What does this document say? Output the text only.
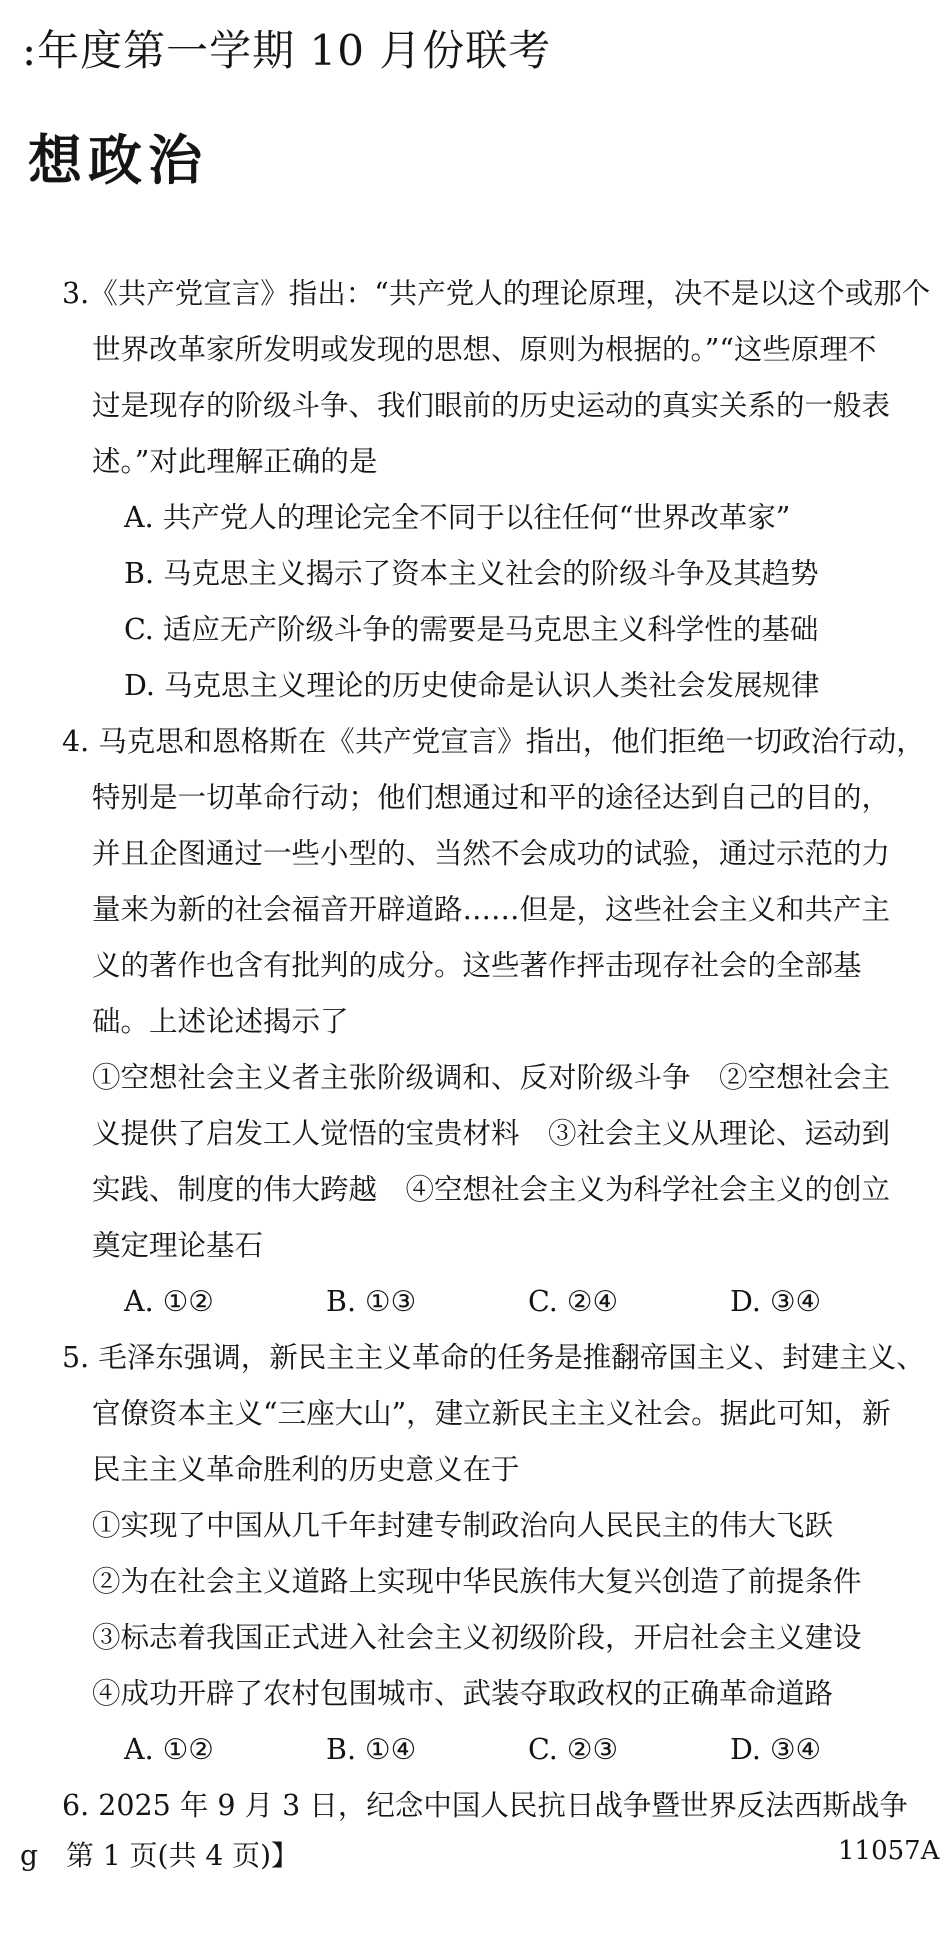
:年度第一学期 10 月份联考
想政治
3.《共产党宣言》指出：“共产党人的理论原理，决不是以这个或那个
世界改革家所发明或发现的思想、原则为根据的。”“这些原理不
过是现存的阶级斗争、我们眼前的历史运动的真实关系的一般表
述。”对此理解正确的是
A. 共产党人的理论完全不同于以往任何“世界改革家”
B. 马克思主义揭示了资本主义社会的阶级斗争及其趋势
C. 适应无产阶级斗争的需要是马克思主义科学性的基础
D. 马克思主义理论的历史使命是认识人类社会发展规律
4. 马克思和恩格斯在《共产党宣言》指出，他们拒绝一切政治行动，
特别是一切革命行动；他们想通过和平的途径达到自己的目的，
并且企图通过一些小型的、当然不会成功的试验，通过示范的力
量来为新的社会福音开辟道路……但是，这些社会主义和共产主
义的著作也含有批判的成分。这些著作抨击现存社会的全部基
础。上述论述揭示了
①空想社会主义者主张阶级调和、反对阶级斗争　②空想社会主
义提供了启发工人觉悟的宝贵材料　③社会主义从理论、运动到
实践、制度的伟大跨越　④空想社会主义为科学社会主义的创立
奠定理论基石
A. ①②	B. ①③	C. ②④	D. ③④
5. 毛泽东强调，新民主主义革命的任务是推翻帝国主义、封建主义、
官僚资本主义“三座大山”，建立新民主主义社会。据此可知，新
民主主义革命胜利的历史意义在于
①实现了中国从几千年封建专制政治向人民民主的伟大飞跃
②为在社会主义道路上实现中华民族伟大复兴创造了前提条件
③标志着我国正式进入社会主义初级阶段，开启社会主义建设
④成功开辟了农村包围城市、武装夺取政权的正确革命道路
A. ①②	B. ①④	C. ②③	D. ③④
6. 2025 年 9 月 3 日，纪念中国人民抗日战争暨世界反法西斯战争
g　第 1 页(共 4 页)】	11057A
